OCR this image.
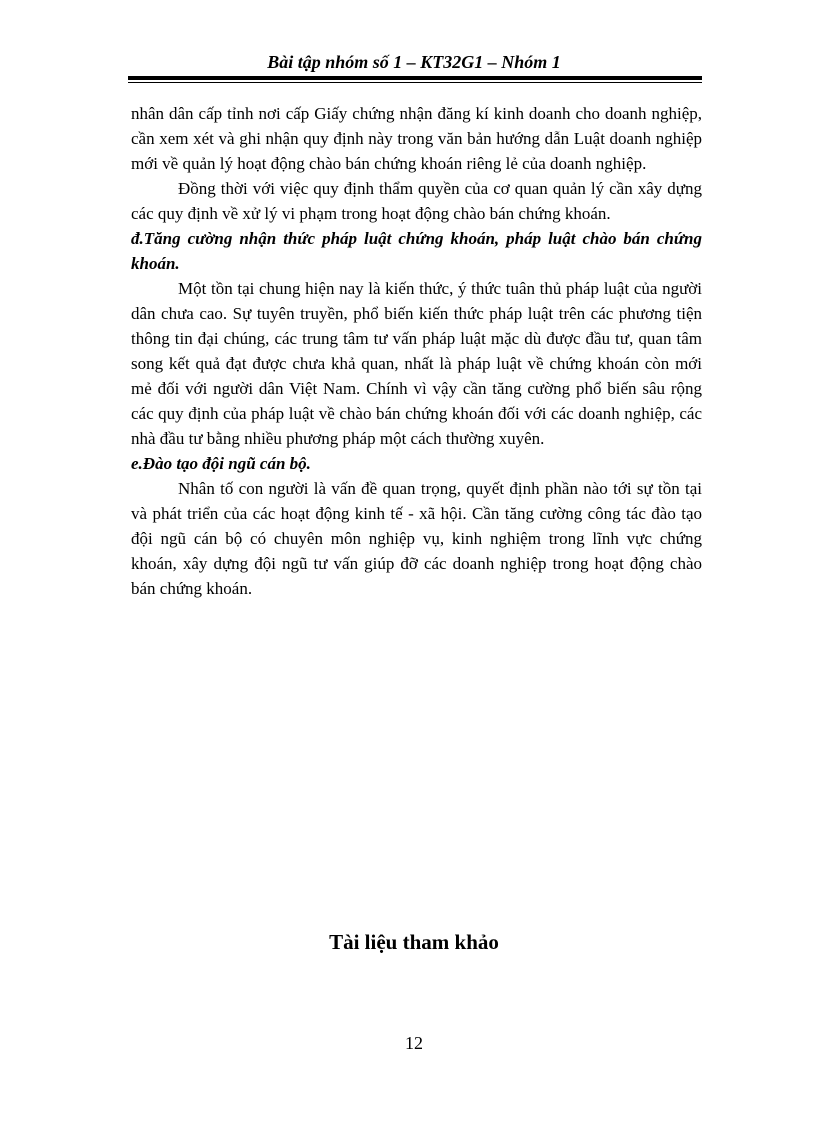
Bài tập nhóm số 1 – KT32G1 – Nhóm 1

nhân dân cấp tỉnh nơi cấp Giấy chứng nhận đăng kí kinh doanh cho doanh nghiệp, cần xem xét và ghi nhận quy định này trong văn bản hướng dẫn Luật doanh nghiệp mới về quản lý hoạt động chào bán chứng khoán riêng lẻ của doanh nghiệp.

Đồng thời với việc quy định thẩm quyền của cơ quan quản lý cần xây dựng các quy định về xử lý vi phạm trong hoạt động chào bán chứng khoán.

đ.Tăng cường nhận thức pháp luật chứng khoán, pháp luật chào bán chứng khoán.

Một tồn tại chung hiện nay là kiến thức, ý thức tuân thủ pháp luật của người dân chưa cao. Sự tuyên truyền, phổ biến kiến thức pháp luật trên các phương tiện thông tin đại chúng, các trung tâm tư vấn pháp luật mặc dù được đầu tư, quan tâm song kết quả đạt được chưa khả quan, nhất là pháp luật về chứng khoán còn mới mẻ đối với người dân Việt Nam. Chính vì vậy cần tăng cường phổ biến sâu rộng các quy định của pháp luật về chào bán chứng khoán đối với các doanh nghiệp, các nhà đầu tư bằng nhiều phương pháp một cách thường xuyên.

e.Đào tạo đội ngũ cán bộ.

Nhân tố con người là vấn đề quan trọng, quyết định phần nào tới sự tồn tại và phát triển của các hoạt động kinh tế - xã hội. Cần tăng cường công tác đào tạo đội ngũ cán bộ có chuyên môn nghiệp vụ, kinh nghiệm trong lĩnh vực chứng khoán, xây dựng đội ngũ tư vấn giúp đỡ các doanh nghiệp trong hoạt động chào bán chứng khoán.

Tài liệu tham khảo
12
